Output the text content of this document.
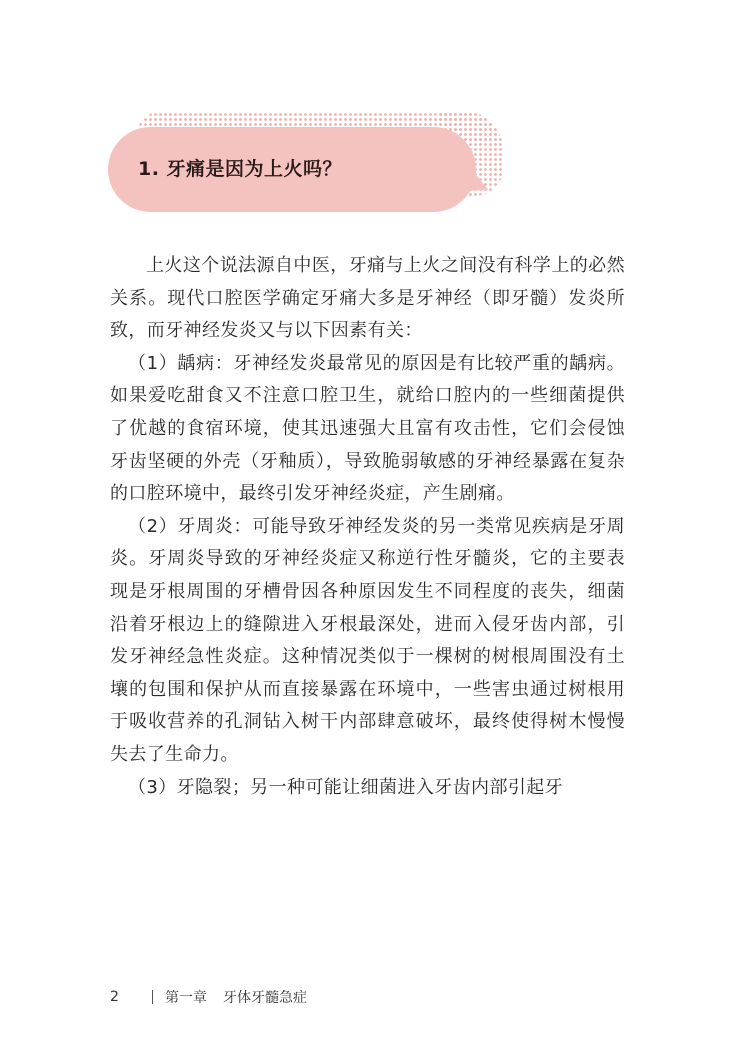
1. 牙痛是因为上火吗？

上火这个说法源自中医，牙痛与上火之间没有科学上的必然关系。现代口腔医学确定牙痛大多是牙神经（即牙髓）发炎所致，而牙神经发炎又与以下因素有关：

（1）龋病：牙神经发炎最常见的原因是有比较严重的龋病。如果爱吃甜食又不注意口腔卫生，就给口腔内的一些细菌提供了优越的食宿环境，使其迅速强大且富有攻击性，它们会侵蚀牙齿坚硬的外壳（牙釉质），导致脆弱敏感的牙神经暴露在复杂的口腔环境中，最终引发牙神经炎症，产生剧痛。

（2）牙周炎：可能导致牙神经发炎的另一类常见疾病是牙周炎。牙周炎导致的牙神经炎症又称逆行性牙髓炎，它的主要表现是牙根周围的牙槽骨因各种原因发生不同程度的丧失，细菌沿着牙根边上的缝隙进入牙根最深处，进而入侵牙齿内部，引发牙神经急性炎症。这种情况类似于一棵树的树根周围没有土壤的包围和保护从而直接暴露在环境中，一些害虫通过树根用于吸收营养的孔洞钻入树干内部肆意破坏，最终使得树木慢慢失去了生命力。

（3）牙隐裂；另一种可能让细菌进入牙齿内部引起牙

2	第一章 牙体牙髓急症
